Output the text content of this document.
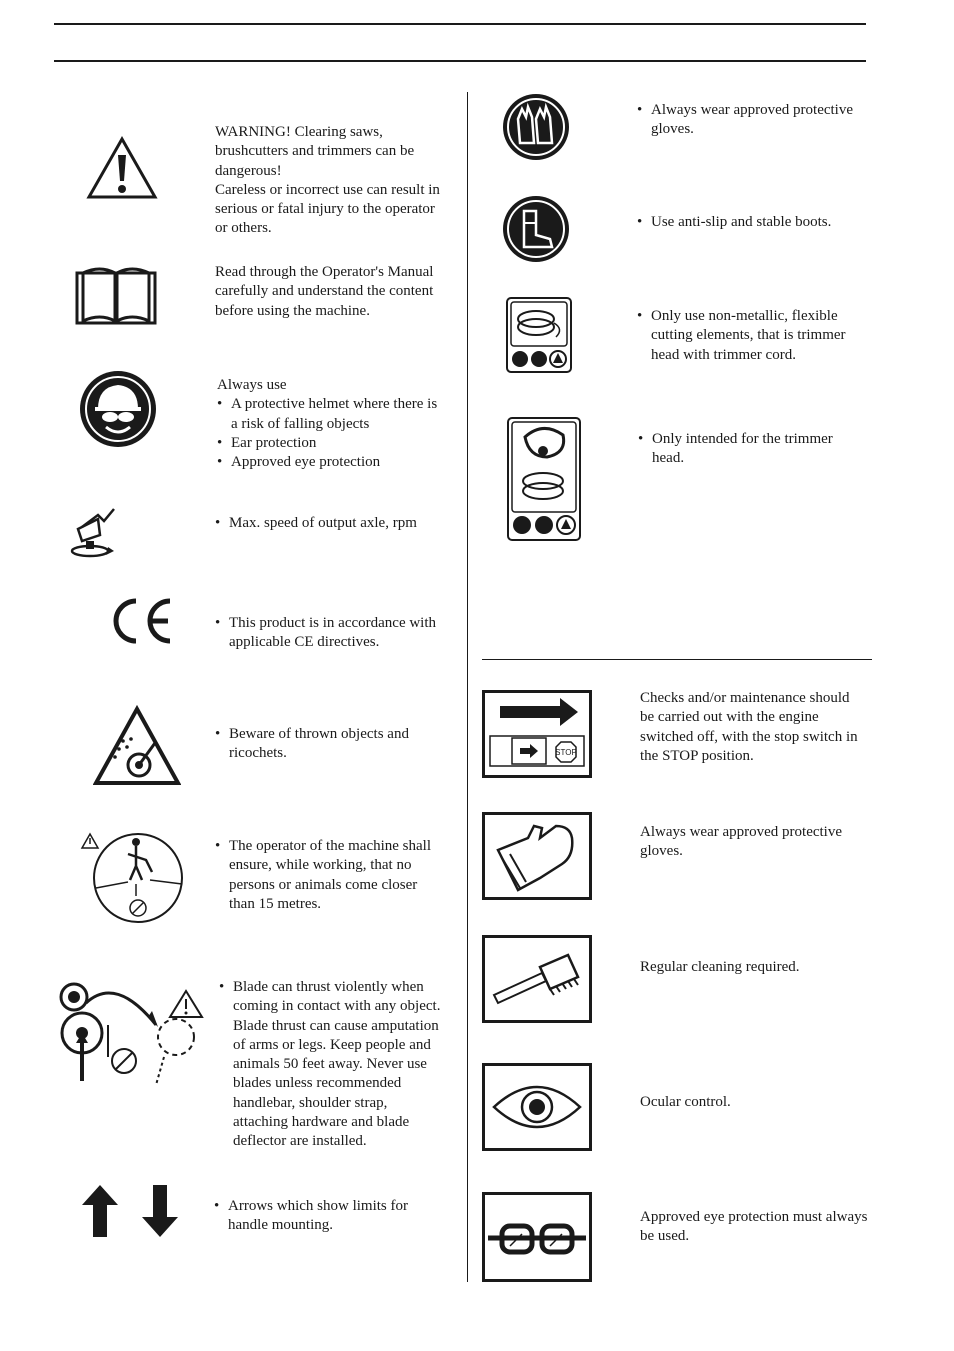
WARNING! Clearing saws,

brushcutters and trimmers can be

dangerous!

Careless or incorrect use can result in

serious or fatal injury to the operator

or others.

Read through the Operator's Manual

carefully and understand the content

before using the machine.

Always use

• A protective helmet where there is
a risk of falling objects
• Ear protection
• Approved eye protection
• Max. speed of output axle, rpm
• This product is in accordance with
applicable CE directives.
• Beware of thrown objects and
ricochets.
• The operator of the machine shall
ensure, while working, that no
persons or animals come closer
than 15 metres.
• Blade can thrust violently when
coming in contact with any object.
Blade thrust can cause amputation
of arms or legs. Keep people and
animals 50 feet away. Never use
blades unless recommended
handlebar, shoulder strap,
attaching hardware and blade
deflector are installed.
• Arrows which show limits for
handle mounting.
• Always wear approved protective
gloves.
• Use anti-slip and stable boots.
• Only use non-metallic, flexible
cutting elements, that is trimmer
head with trimmer cord.
• Only intended for the trimmer
head.
STOP

Checks and/or maintenance should

be carried out with the engine

switched off, with the stop switch in

the STOP position.

Always wear approved protective

gloves.

Regular cleaning required.

Ocular control.

Approved eye protection must always

be used.
